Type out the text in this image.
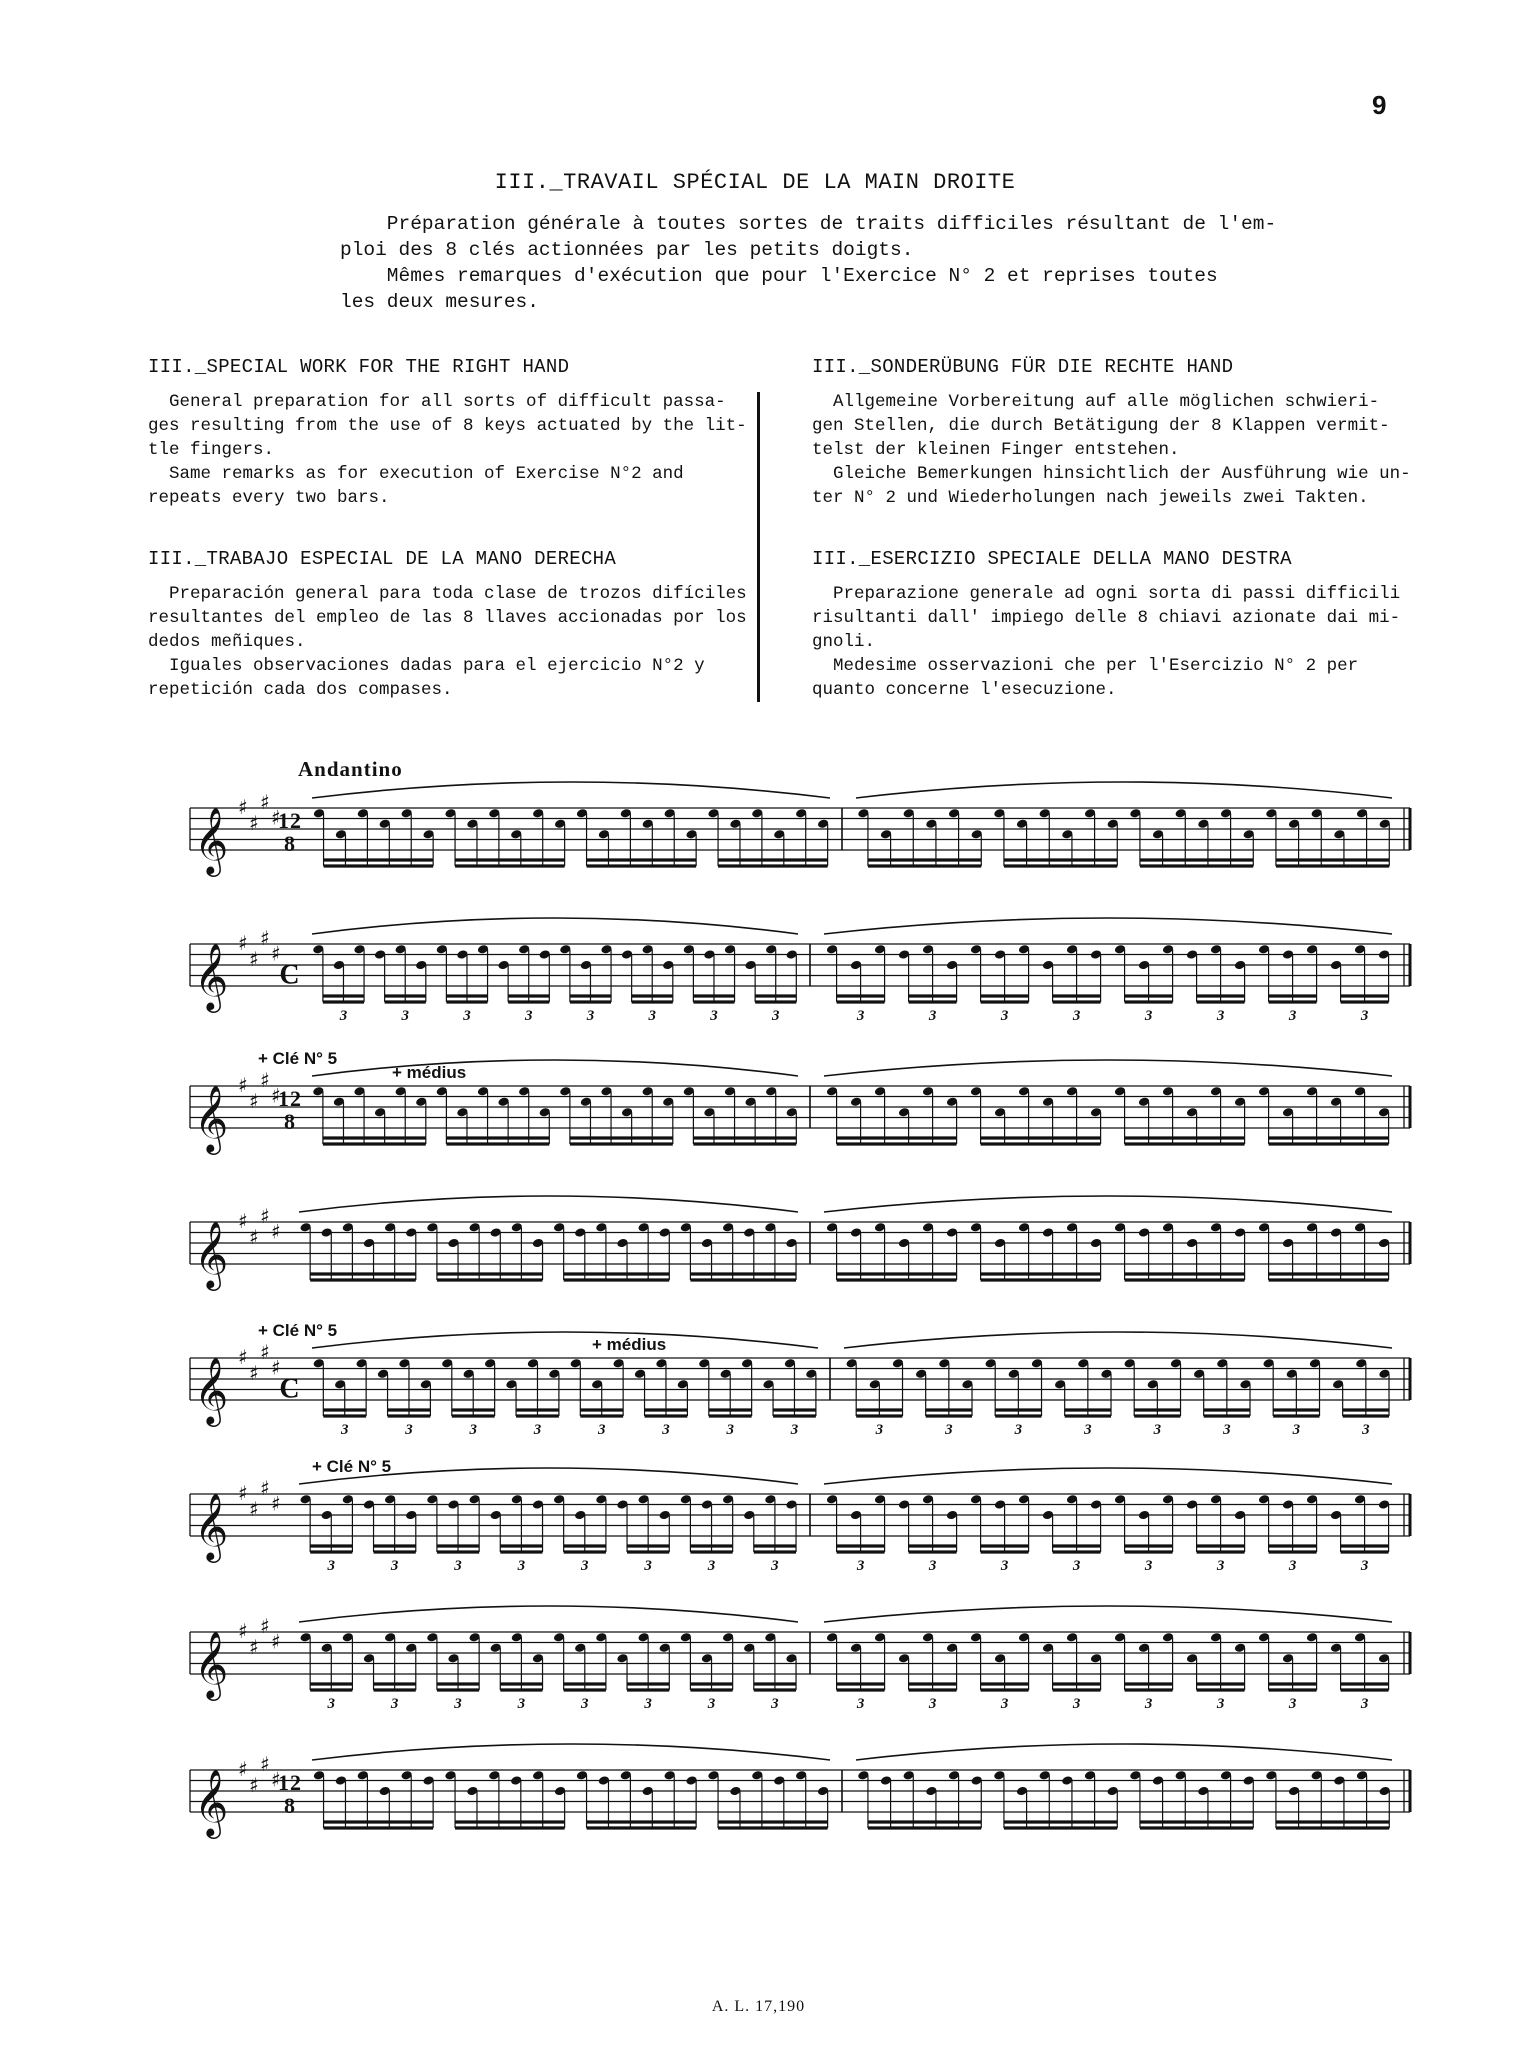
9
III._TRAVAIL SPÉCIAL DE LA MAIN DROITE

Préparation générale à toutes sortes de traits difficiles résultant de l'em-

ploi des 8 clés actionnées par les petits doigts.

Mêmes remarques d'exécution que pour l'Exercice N° 2 et reprises toutes

les deux mesures.

III._SPECIAL WORK FOR THE RIGHT HAND

General preparation for all sorts of difficult passa-

ges resulting from the use of 8 keys actuated by the lit-

tle fingers.

Same remarks as for execution of Exercise N°2 and

repeats every two bars.

III._TRABAJO ESPECIAL DE LA MANO DERECHA

Preparación general para toda clase de trozos difíciles

resultantes del empleo de las 8 llaves accionadas por los

dedos meñiques.

Iguales observaciones dadas para el ejercicio N°2 y

repetición cada dos compases.

III._SONDERÜBUNG FÜR DIE RECHTE HAND

Allgemeine Vorbereitung auf alle möglichen schwieri-

gen Stellen, die durch Betätigung der 8 Klappen vermit-

telst der kleinen Finger entstehen.

Gleiche Bemerkungen hinsichtlich der Ausführung wie un-

ter N° 2 und Wiederholungen nach jeweils zwei Takten.

III._ESERCIZIO SPECIALE DELLA MANO DESTRA

Preparazione generale ad ogni sorta di passi difficili

risultanti dall' impiego delle 8 chiavi azionate dai mi-

gnoli.

Medesime osservazioni che per l'Esercizio N° 2 per

quanto concerne l'esecuzione.

Andantino
𝄞 ♯
♯
♯
♯
12
8
𝄞 ♯
♯
♯
♯
C
3	3	3	3	3	3	3	3	3	3	3	3	3	3	3	3
𝄞 ♯
♯
♯
♯
12
8
+ Clé N° 5
+ médius
𝄞 ♯
♯
♯
♯
𝄞 ♯
♯
♯
♯
C
+ Clé N° 5
+ médius
3	3	3	3	3	3	3	3	3	3	3	3	3	3	3	3
𝄞 ♯
♯
♯
♯
+ Clé N° 5
3	3	3	3	3	3	3	3	3	3	3	3	3	3	3	3
𝄞 ♯
♯
♯
♯
3	3	3	3	3	3	3	3	3	3	3	3	3	3	3	3
𝄞 ♯
♯
♯
♯
12
8
A. L. 17,190
